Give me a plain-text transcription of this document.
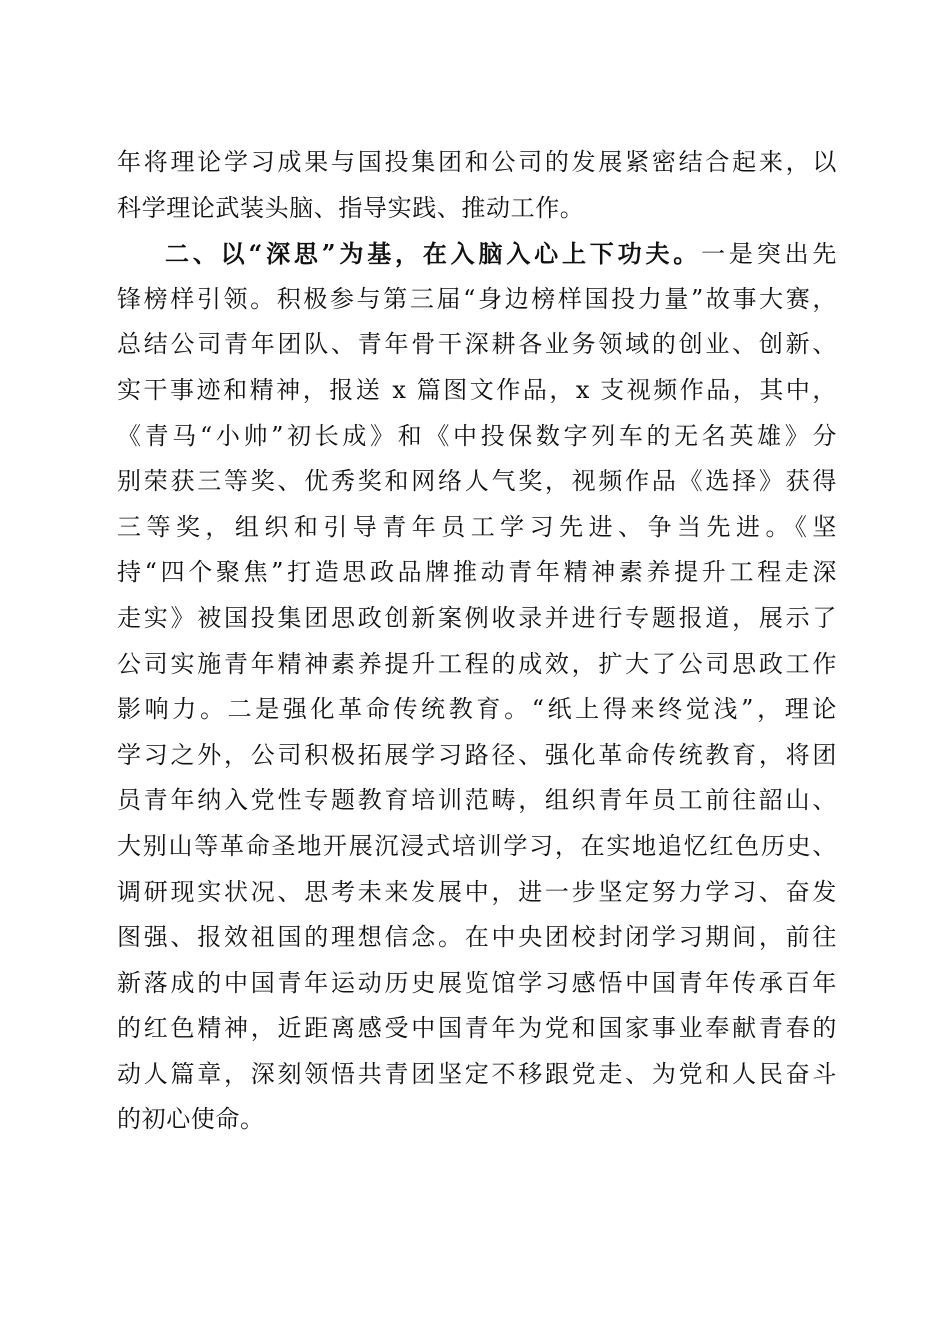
年将理论学习成果与国投集团和公司的发展紧密结合起来，以
科学理论武装头脑、指导实践、推动工作。
二、以“深思”为基，在入脑入心上下功夫。一是突出先
锋榜样引领。积极参与第三届“身边榜样国投力量”故事大赛，
总结公司青年团队、青年骨干深耕各业务领域的创业、创新、
实干事迹和精神，报送 x 篇图文作品，x 支视频作品，其中，
《青马“小帅”初长成》和《中投保数字列车的无名英雄》分
别荣获三等奖、优秀奖和网络人气奖，视频作品《选择》获得
三等奖，组织和引导青年员工学习先进、争当先进。《坚
持“四个聚焦”打造思政品牌推动青年精神素养提升工程走深
走实》被国投集团思政创新案例收录并进行专题报道，展示了
公司实施青年精神素养提升工程的成效，扩大了公司思政工作
影响力。二是强化革命传统教育。“纸上得来终觉浅”，理论
学习之外，公司积极拓展学习路径、强化革命传统教育，将团
员青年纳入党性专题教育培训范畴，组织青年员工前往韶山、
大别山等革命圣地开展沉浸式培训学习，在实地追忆红色历史、
调研现实状况、思考未来发展中，进一步坚定努力学习、奋发
图强、报效祖国的理想信念。在中央团校封闭学习期间，前往
新落成的中国青年运动历史展览馆学习感悟中国青年传承百年
的红色精神，近距离感受中国青年为党和国家事业奉献青春的
动人篇章，深刻领悟共青团坚定不移跟党走、为党和人民奋斗
的初心使命。
